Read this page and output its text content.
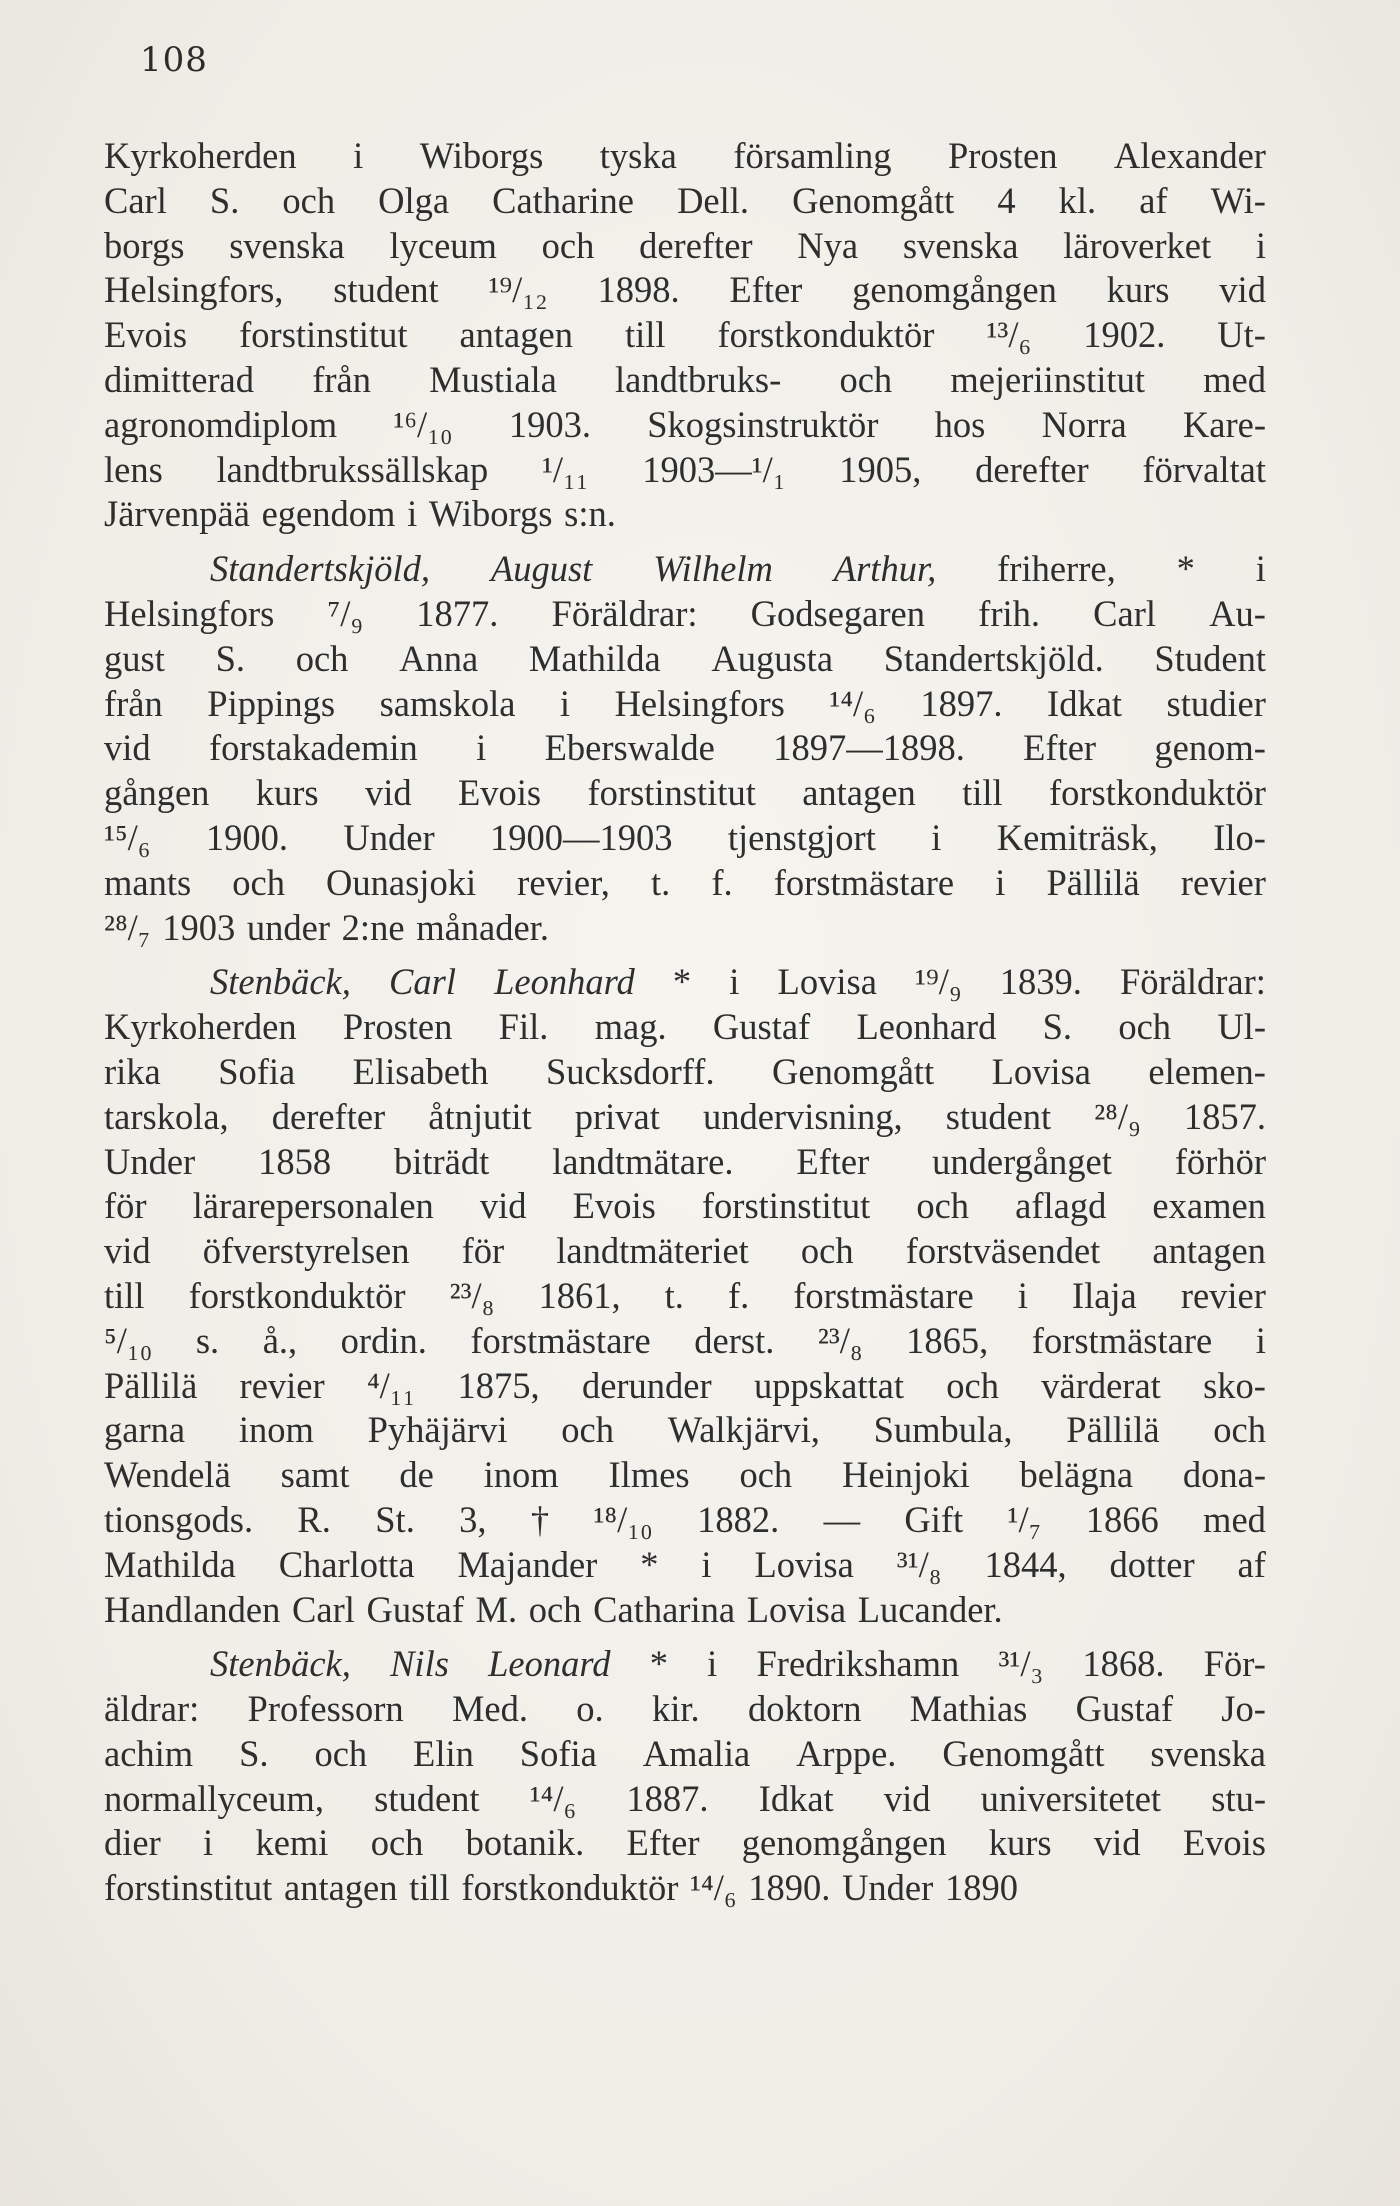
108
Kyrkoherden i Wiborgs tyska församling Prosten Alexander
Carl S. och Olga Catharine Dell. Genomgått 4 kl. af Wi-
borgs svenska lyceum och derefter Nya svenska läroverket i
Helsingfors, student ¹⁹/₁₂ 1898. Efter genomgången kurs vid
Evois forstinstitut antagen till forstkonduktör ¹³/₆ 1902. Ut-
dimitterad från Mustiala landtbruks- och mejeriinstitut med
agronomdiplom ¹⁶/₁₀ 1903. Skogsinstruktör hos Norra Kare-
lens landtbrukssällskap ¹/₁₁ 1903—¹/₁ 1905, derefter förvaltat
Järvenpää egendom i Wiborgs s:n.
Standertskjöld, August Wilhelm Arthur, friherre, * i
Helsingfors ⁷/₉ 1877. Föräldrar: Godsegaren frih. Carl Au-
gust S. och Anna Mathilda Augusta Standertskjöld. Student
från Pippings samskola i Helsingfors ¹⁴/₆ 1897. Idkat studier
vid forstakademin i Eberswalde 1897—1898. Efter genom-
gången kurs vid Evois forstinstitut antagen till forstkonduktör
¹⁵/₆ 1900. Under 1900—1903 tjenstgjort i Kemiträsk, Ilo-
mants och Ounasjoki revier, t. f. forstmästare i Pällilä revier
²⁸/₇ 1903 under 2:ne månader.
Stenbäck, Carl Leonhard * i Lovisa ¹⁹/₉ 1839. Föräldrar:
Kyrkoherden Prosten Fil. mag. Gustaf Leonhard S. och Ul-
rika Sofia Elisabeth Sucksdorff. Genomgått Lovisa elemen-
tarskola, derefter åtnjutit privat undervisning, student ²⁸/₉ 1857.
Under 1858 biträdt landtmätare. Efter undergånget förhör
för lärarepersonalen vid Evois forstinstitut och aflagd examen
vid öfverstyrelsen för landtmäteriet och forstväsendet antagen
till forstkonduktör ²³/₈ 1861, t. f. forstmästare i Ilaja revier
⁵/₁₀ s. å., ordin. forstmästare derst. ²³/₈ 1865, forstmästare i
Pällilä revier ⁴/₁₁ 1875, derunder uppskattat och värderat sko-
garna inom Pyhäjärvi och Walkjärvi, Sumbula, Pällilä och
Wendelä samt de inom Ilmes och Heinjoki belägna dona-
tionsgods. R. St. 3, † ¹⁸/₁₀ 1882. — Gift ¹/₇ 1866 med
Mathilda Charlotta Majander * i Lovisa ³¹/₈ 1844, dotter af
Handlanden Carl Gustaf M. och Catharina Lovisa Lucander.
Stenbäck, Nils Leonard * i Fredrikshamn ³¹/₃ 1868. För-
äldrar: Professorn Med. o. kir. doktorn Mathias Gustaf Jo-
achim S. och Elin Sofia Amalia Arppe. Genomgått svenska
normallyceum, student ¹⁴/₆ 1887. Idkat vid universitetet stu-
dier i kemi och botanik. Efter genomgången kurs vid Evois
forstinstitut antagen till forstkonduktör ¹⁴/₆ 1890. Under 1890
